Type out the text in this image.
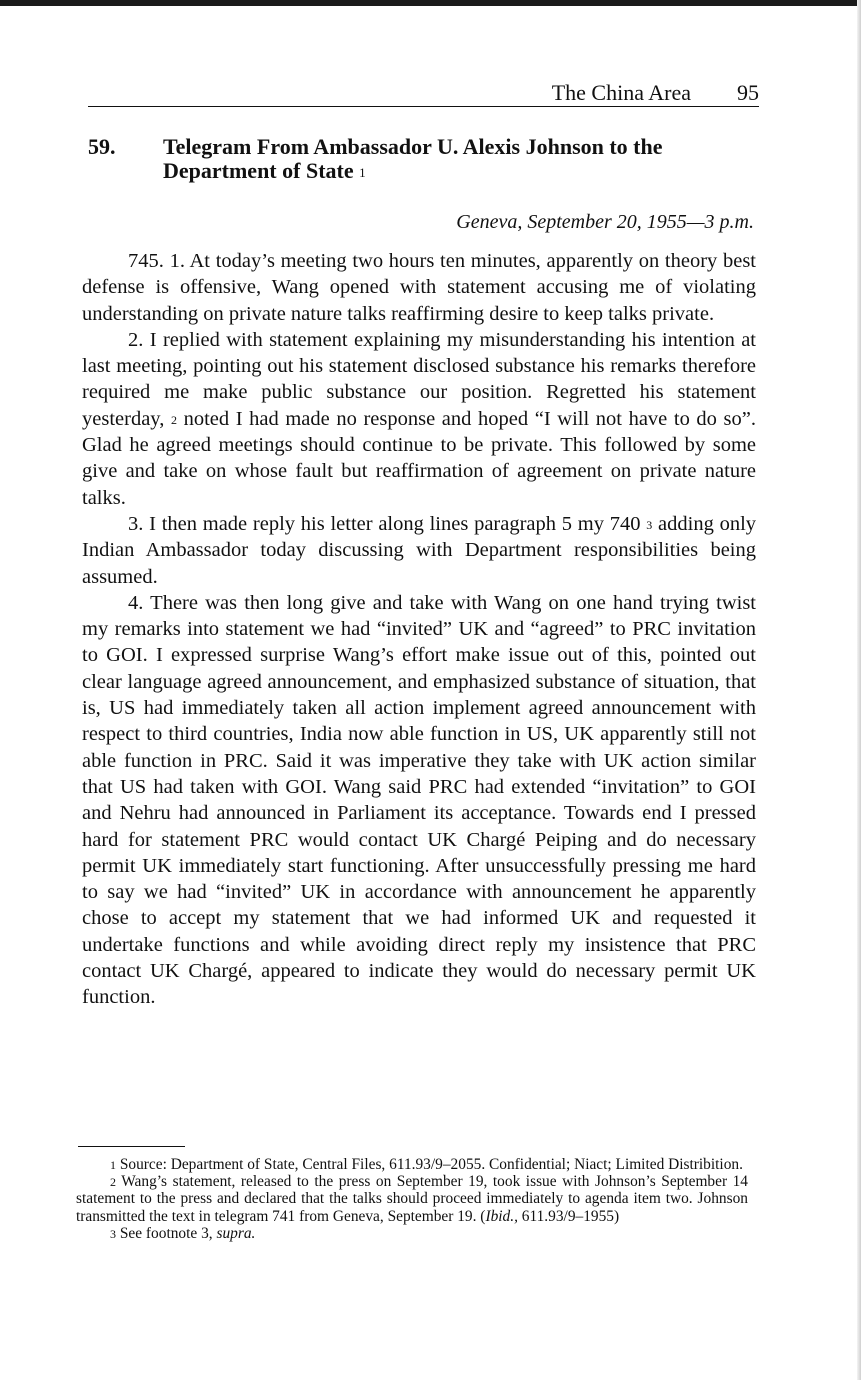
The China Area 95
59. Telegram From Ambassador U. Alexis Johnson to the Department of State $^1$
Geneva, September 20, 1955—3 p.m.

745. 1. At today’s meeting two hours ten minutes, apparently on theory best defense is offensive, Wang opened with statement accusing me of violating understanding on private nature talks reaffirming desire to keep talks private.

2. I replied with statement explaining my misunderstanding his intention at last meeting, pointing out his statement disclosed substance his remarks therefore required me make public substance our position. Regretted his statement yesterday, $^2$ noted I had made no response and hoped “I will not have to do so”. Glad he agreed meetings should continue to be private. This followed by some give and take on whose fault but reaffirmation of agreement on private nature talks.

3. I then made reply his letter along lines paragraph 5 my 740 $^3$ adding only Indian Ambassador today discussing with Department responsibilities being assumed.

4. There was then long give and take with Wang on one hand trying twist my remarks into statement we had “invited” UK and “agreed” to PRC invitation to GOI. I expressed surprise Wang’s effort make issue out of this, pointed out clear language agreed announcement, and emphasized substance of situation, that is, US had immediately taken all action implement agreed announcement with respect to third countries, India now able function in US, UK apparently still not able function in PRC. Said it was imperative they take with UK action similar that US had taken with GOI. Wang said PRC had extended “invitation” to GOI and Nehru had announced in Parliament its acceptance. Towards end I pressed hard for statement PRC would contact UK Chargé Peiping and do necessary permit UK immediately start functioning. After unsuccessfully pressing me hard to say we had “invited” UK in accordance with announcement he apparently chose to accept my statement that we had informed UK and requested it undertake functions and while avoiding direct reply my insistence that PRC contact UK Chargé, appeared to indicate they would do necessary permit UK function.

$^1$ Source: Department of State, Central Files, 611.93/9–2055. Confidential; Niact; Limited Distribition.

$^2$ Wang’s statement, released to the press on September 19, took issue with Johnson’s September 14 statement to the press and declared that the talks should proceed immediately to agenda item two. Johnson transmitted the text in telegram 741 from Geneva, September 19. (Ibid., 611.93/9–1955)

$^3$ See footnote 3, supra.
